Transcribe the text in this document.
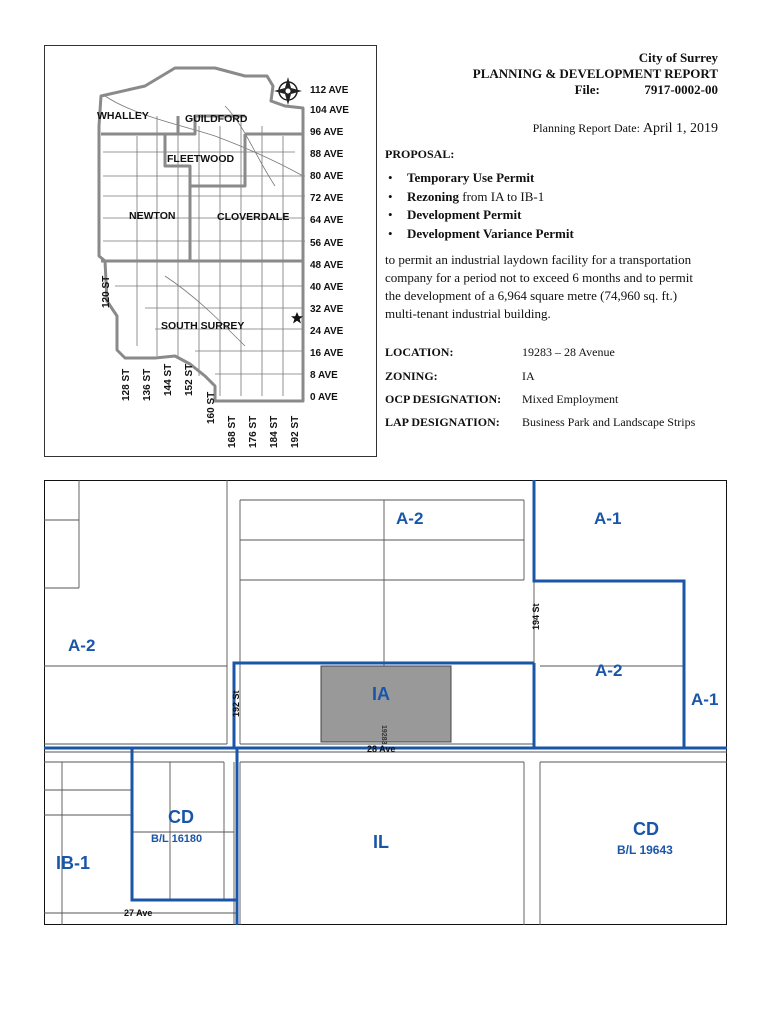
112 AVE
104 AVE
96 AVE
88 AVE
80 AVE
72 AVE
64 AVE
56 AVE
48 AVE
40 AVE
32 AVE
24 AVE
16 AVE
8 AVE
0 AVE
120 ST
128 ST 136 ST 144 ST 152 ST
160 ST
168 ST 176 ST 184 ST 192 ST
WHALLEY	GUILDFORD
FLEETWOOD
NEWTON	CLOVERDALE
SOUTH SURREY
City of Surrey
PLANNING & DEVELOPMENT REPORT
File:	7917-0002-00
Planning Report Date: April 1, 2019
PROPOSAL:
• Temporary Use Permit
• Rezoning from IA to IB-1
• Development Permit
• Development Variance Permit
to permit an industrial laydown facility for a transportation company for a period not to exceed 6 months and to permit the development of a 6,964 square metre (74,960 sq. ft.) multi-tenant industrial building.
LOCATION:	19283 – 28 Avenue
ZONING:	IA
OCP DESIGNATION: Mixed Employment
LAP DESIGNATION: Business Park and Landscape Strips
A-2	A-1
A-2
A-2
A-1
IA
CD
B/L 16180
IB-1
IL
CD
B/L 19643
19283
194 St
192 St
28 Ave
27 Ave
